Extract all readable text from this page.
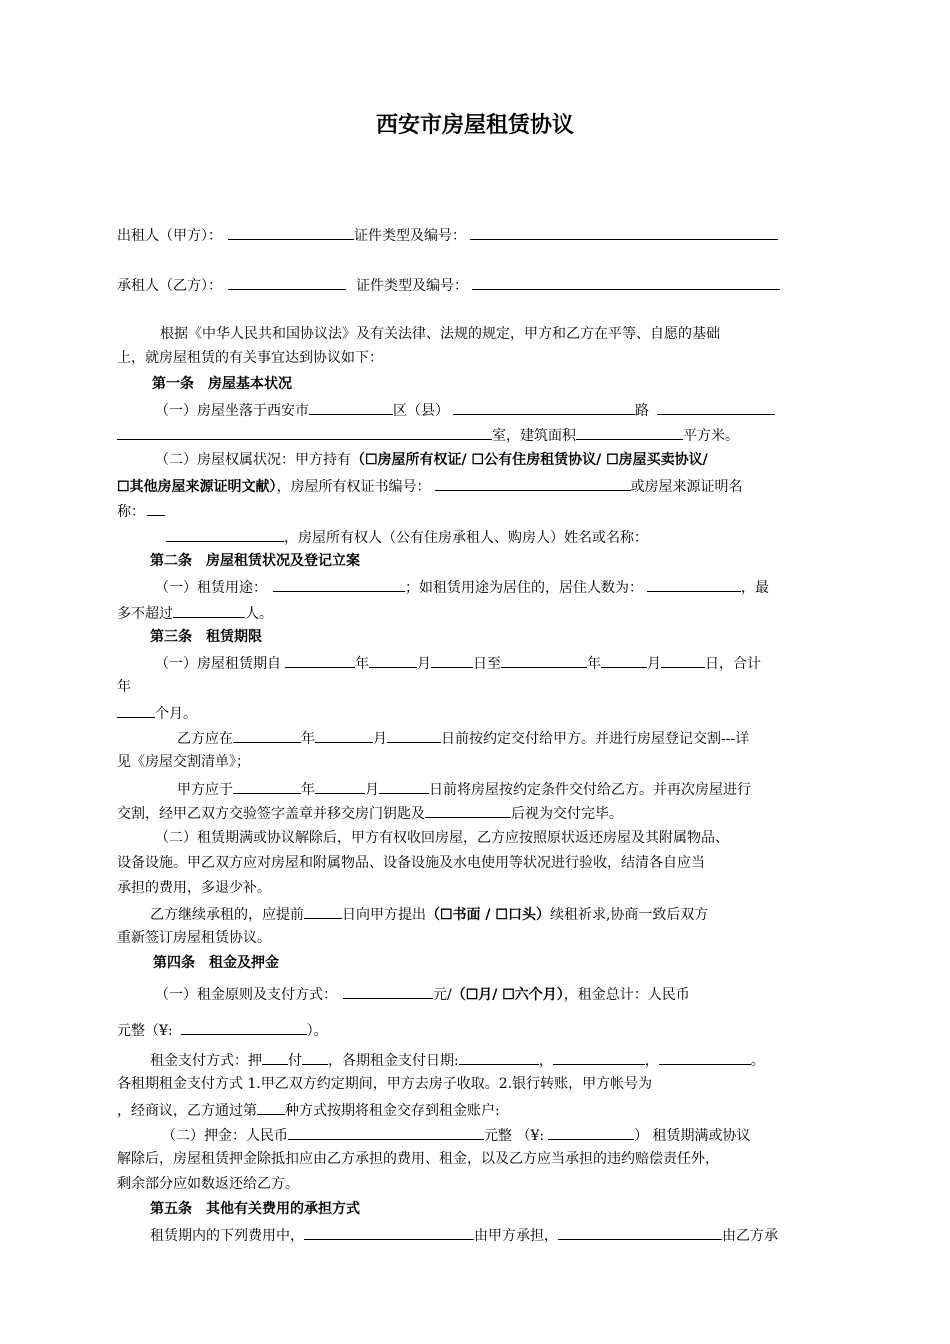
西安市房屋租赁协议
出租人（甲方）：	证件类型及编号：
承租人（乙方）：	证件类型及编号：
根据《中华人民共和国协议法》及有关法律、法规的规定，甲方和乙方在平等、自愿的基础
上，就房屋租赁的有关事宜达到协议如下：
第一条　房屋基本状况
（一）房屋坐落于西安市	区（县）	路
室，建筑面积	平方米。
（二）房屋权属状况：甲方持有（☐房屋所有权证/ ☐公有住房租赁协议/ ☐房屋买卖协议/
☐其他房屋来源证明文献），房屋所有权证书编号：	或房屋来源证明名
称：
，房屋所有权人（公有住房承租人、购房人）姓名或名称：
第二条　房屋租赁状况及登记立案
（一）租赁用途：	；如租赁用途为居住的，居住人数为：	，最
多不超过	人。
第三条　租赁期限
（一）房屋租赁期自	年	月	日至	年	月	日，合计
年
个月。
乙方应在	年	月	日前按约定交付给甲方。并进行房屋登记交割---详
见《房屋交割清单》；
甲方应于	年	月	日前将房屋按约定条件交付给乙方。并再次房屋进行
交割，经甲乙双方交验签字盖章并移交房门钥匙及	后视为交付完毕。
（二）租赁期满或协议解除后，甲方有权收回房屋，乙方应按照原状返还房屋及其附属物品、
设备设施。甲乙双方应对房屋和附属物品、设备设施及水电使用等状况进行验收，结清各自应当
承担的费用，多退少补。
乙方继续承租的，应提前	日向甲方提出（☐书面 / ☐口头）续租祈求,协商一致后双方
重新签订房屋租赁协议。
第四条　租金及押金
（一）租金原则及支付方式：	元/（☐月/ ☐六个月），租金总计：人民币
元整（¥:	）。
租金支付方式：押 付 ，各期租金支付日期:	，	，	。
各租期租金支付方式 1.甲乙双方约定期间，甲方去房子收取。2.银行转账，甲方帐号为
，经商议，乙方通过第 种方式按期将租金交存到租金账户:
（二）押金：人民币	元整 （¥:	） 租赁期满或协议
解除后，房屋租赁押金除抵扣应由乙方承担的费用、租金，以及乙方应当承担的违约赔偿责任外，
剩余部分应如数返还给乙方。
第五条　其他有关费用的承担方式
租赁期内的下列费用中，	由甲方承担，	由乙方承
